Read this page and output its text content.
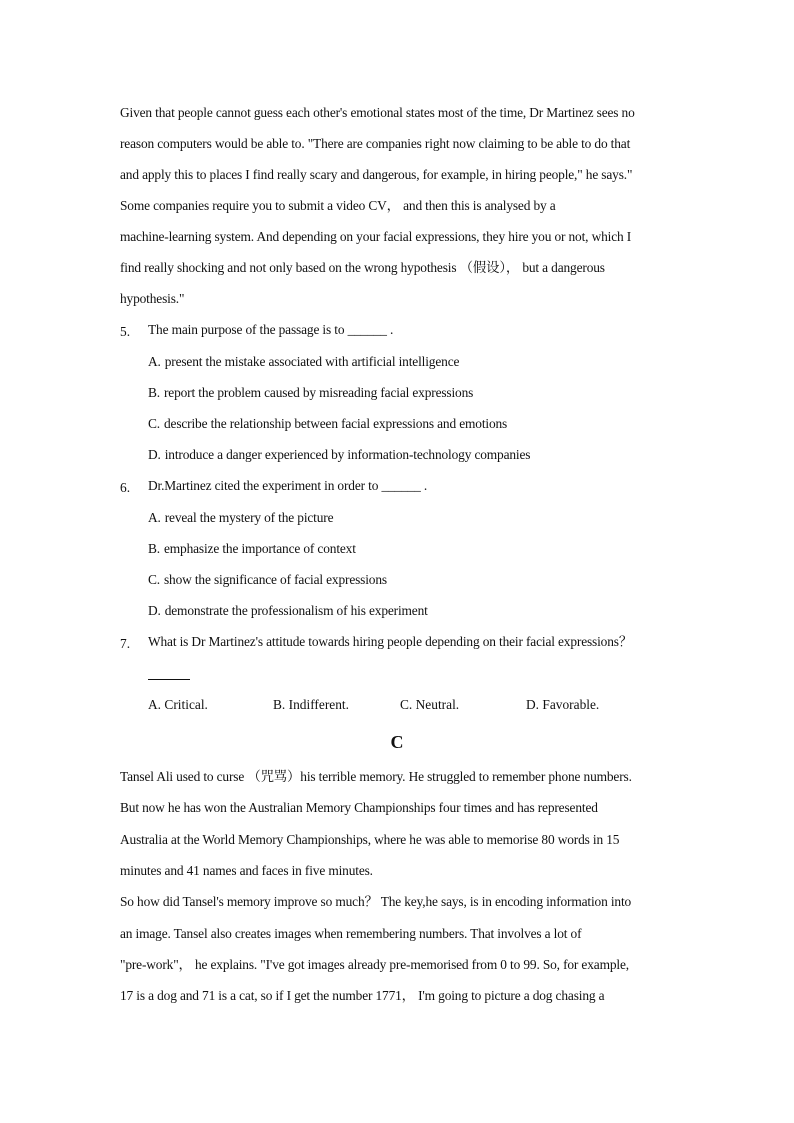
Given that people cannot guess each other's emotional states most of the time, Dr Martinez sees no
reason computers would be able to. "There are companies right now claiming to be able to do that
and apply this to places I find really scary and dangerous, for example, in hiring people," he says."
Some companies require you to submit a video CV， and then this is analysed by a
machine-learning system. And depending on your facial expressions, they hire you or not, which I
find really shocking and not only based on the wrong hypothesis （假设）， but a dangerous
hypothesis."
5. The main purpose of the passage is to ______ .
A. present the mistake associated with artificial intelligence
B. report the problem caused by misreading facial expressions
C. describe the relationship between facial expressions and emotions
D. introduce a danger experienced by information-technology companies
6. Dr.Martinez cited the experiment in order to ______ .
A. reveal the mystery of the picture
B. emphasize the importance of context
C. show the significance of facial expressions
D. demonstrate the professionalism of his experiment
7. What is Dr Martinez's attitude towards hiring people depending on their facial expressions？
A. Critical.	B. Indifferent.	C. Neutral.	D. Favorable.
C
Tansel Ali used to curse （咒骂）his terrible memory. He struggled to remember phone numbers.
But now he has won the Australian Memory Championships four times and has represented
Australia at the World Memory Championships, where he was able to memorise 80 words in 15
minutes and 41 names and faces in five minutes.
So how did Tansel's memory improve so much？ The key,he says, is in encoding information into
an image. Tansel also creates images when remembering numbers. That involves a lot of
"pre-work"， he explains. "I've got images already pre-memorised from 0 to 99. So, for example,
17 is a dog and 71 is a cat, so if I get the number 1771， I'm going to picture a dog chasing a
